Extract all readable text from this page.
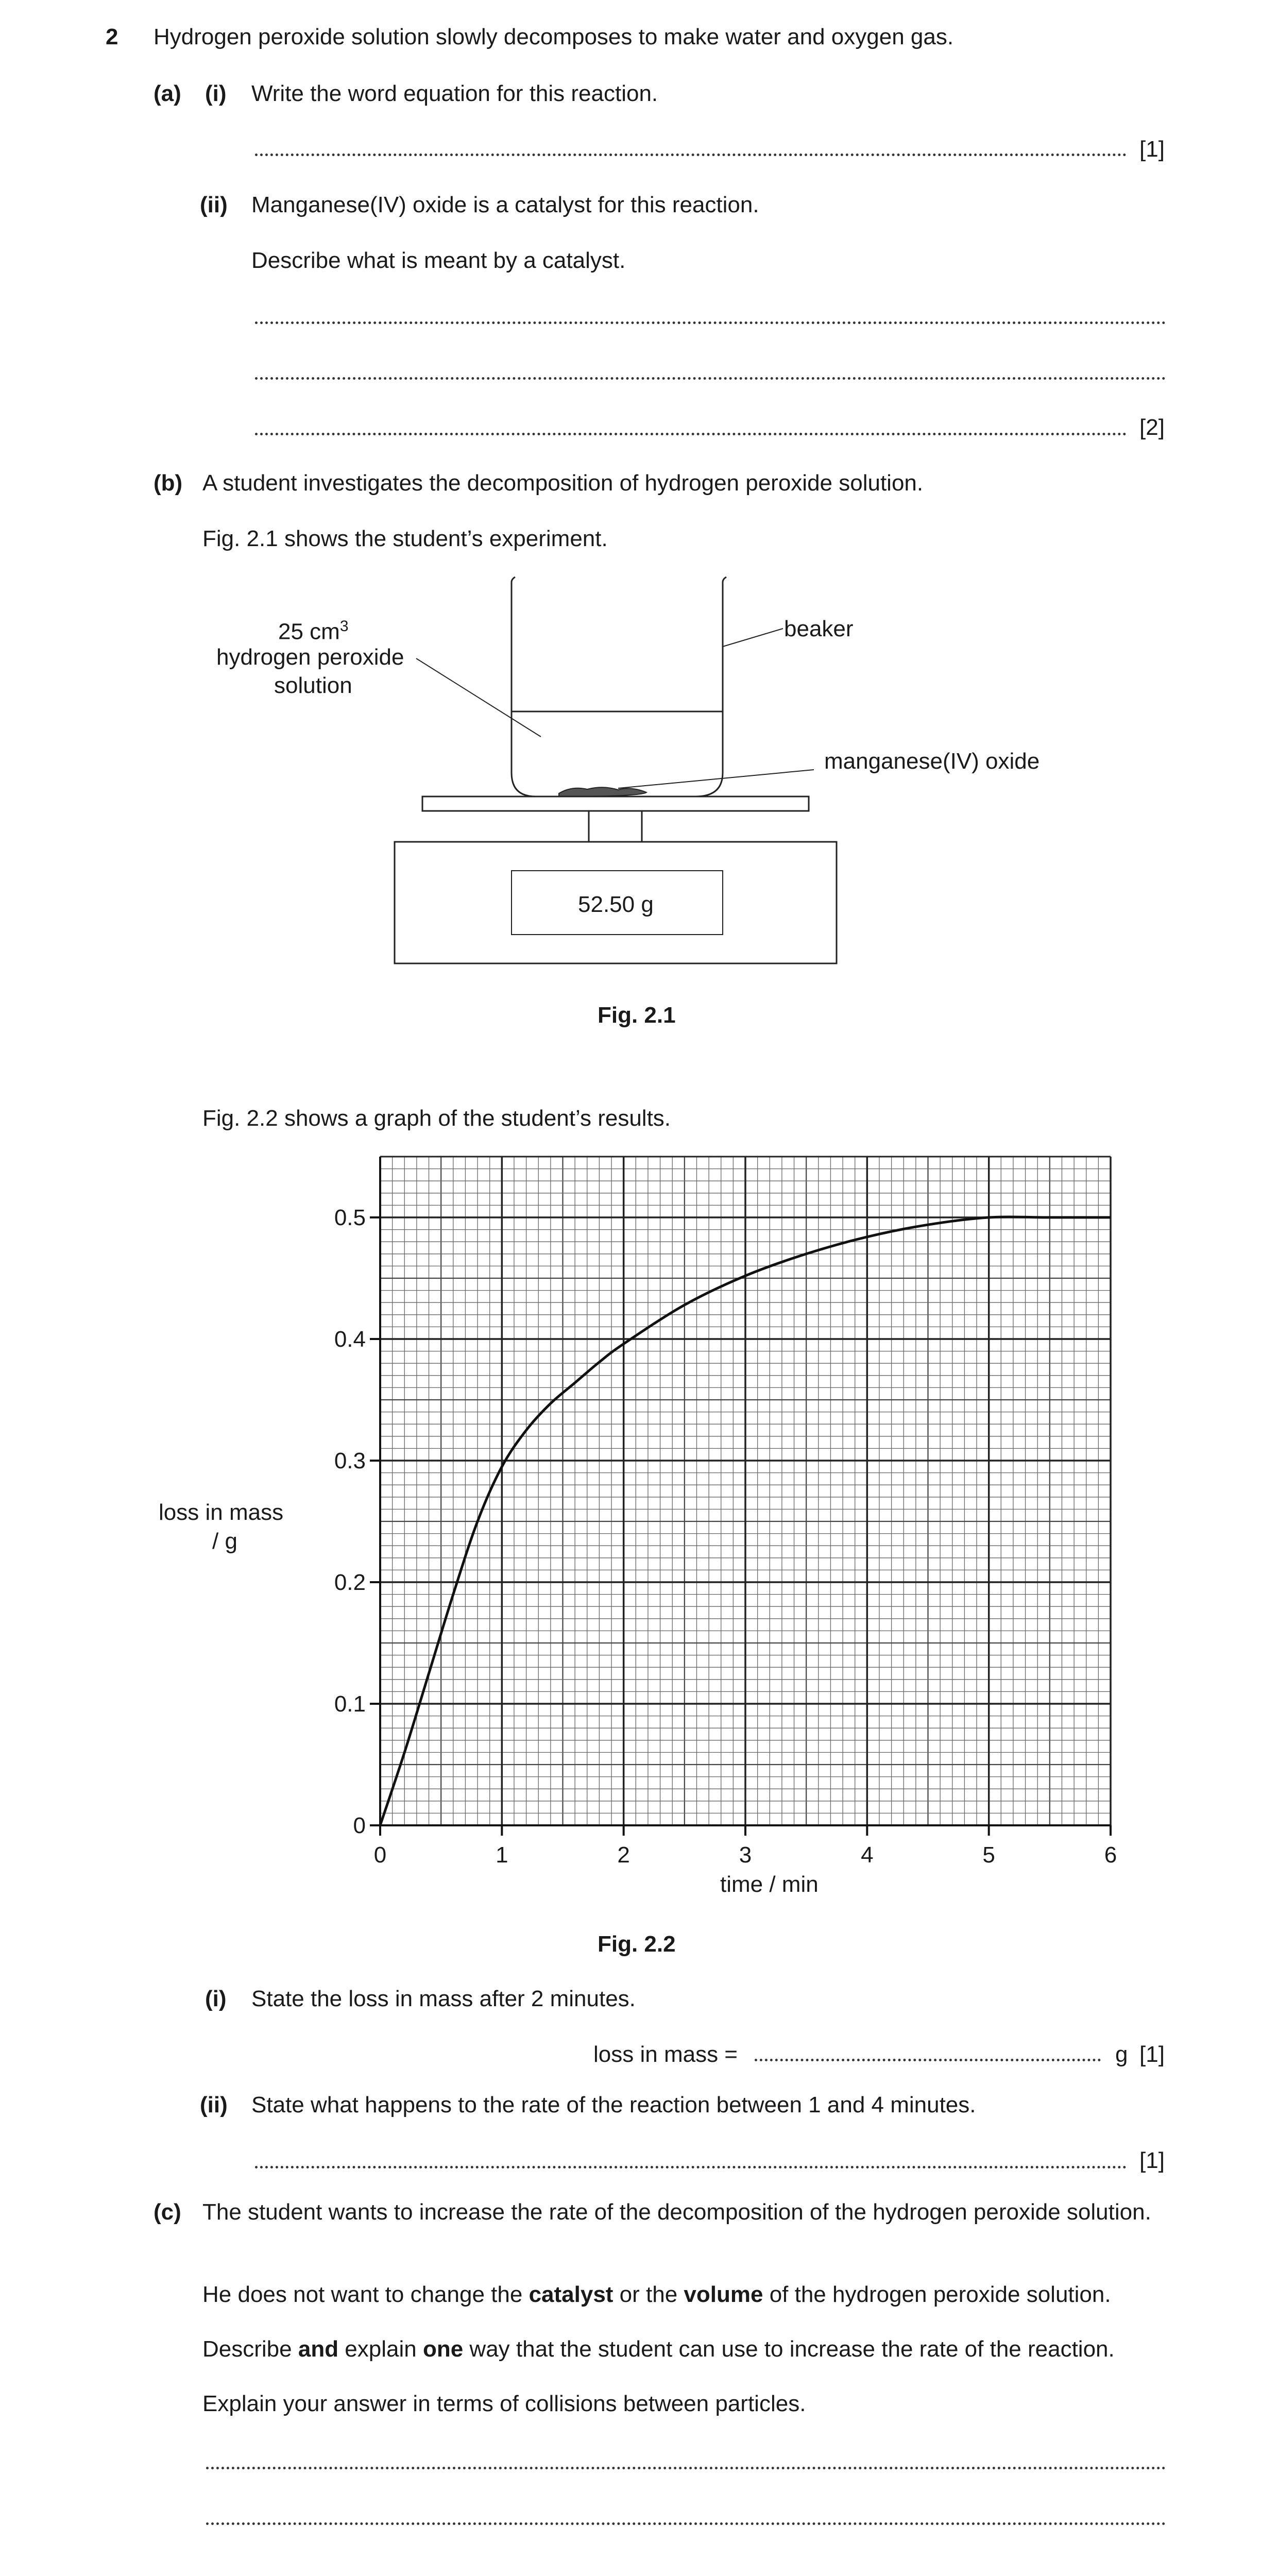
2 Hydrogen peroxide solution slowly decomposes to make water and oxygen gas.
(a) (i) Write the word equation for this reaction.
[1]
(ii) Manganese(IV) oxide is a catalyst for this reaction.
Describe what is meant by a catalyst.
[2]
(b) A student investigates the decomposition of hydrogen peroxide solution.
Fig. 2.1 shows the student’s experiment.
25 $cm^3$
hydrogen peroxide
solution
beaker
manganese(IV) oxide
52.50 g
Fig. 2.1
Fig. 2.2 shows a graph of the student’s results.
0	1	2	3	4	5	6
0
0.1
0.2
0.3
0.4
0.5
loss in mass
/ g
time / min
Fig. 2.2
(i) State the loss in mass after 2 minutes.
loss in mass =	g [1]
(ii) State what happens to the rate of the reaction between 1 and 4 minutes.
[1]
(c) The student wants to increase the rate of the decomposition of the hydrogen peroxide solution.
He does not want to change the catalyst or the volume of the hydrogen peroxide solution.
Describe and explain one way that the student can use to increase the rate of the reaction.
Explain your answer in terms of collisions between particles.
